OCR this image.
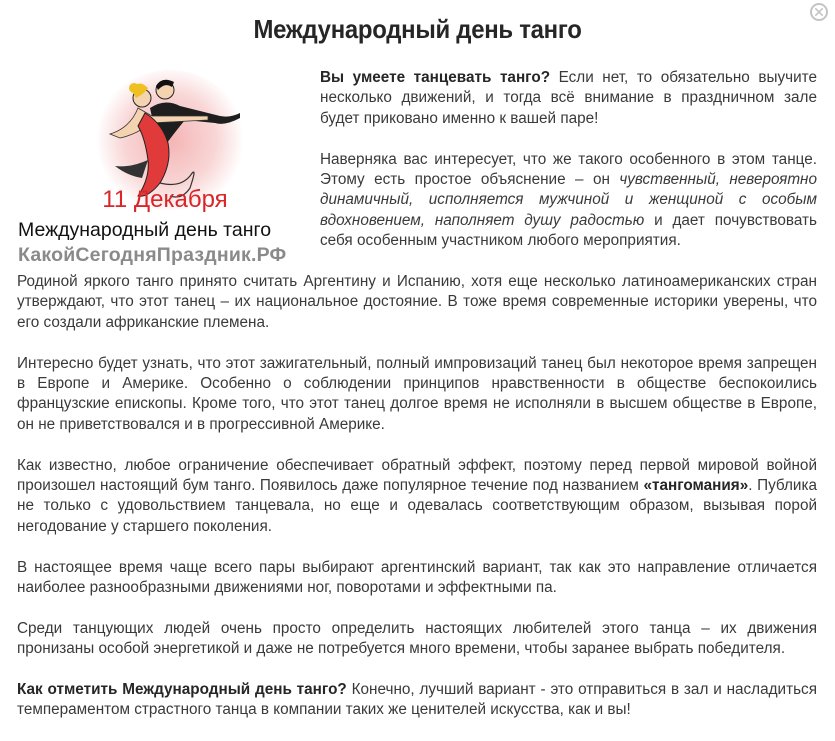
Международный день танго
11 Декабря
Международный день танго
КакойСегодняПраздник.РФ

Вы умеете танцевать танго? Если нет, то обязательно выучите несколько движений, и тогда всё внимание в праздничном зале будет приковано именно к вашей паре!

Наверняка вас интересует, что же такого особенного в этом танце. Этому есть простое объяснение – он чувственный, невероятно динамичный, исполняется мужчиной и женщиной с особым вдохновением, наполняет душу радостью и дает почувствовать себя особенным участником любого мероприятия.

Родиной яркого танго принято считать Аргентину и Испанию, хотя еще несколько латиноамериканских стран утверждают, что этот танец – их национальное достояние. В тоже время современные историки уверены, что его создали африканские племена.

Интересно будет узнать, что этот зажигательный, полный импровизаций танец был некоторое время запрещен в Европе и Америке. Особенно о соблюдении принципов нравственности в обществе беспокоились французские епископы. Кроме того, что этот танец долгое время не исполняли в высшем обществе в Европе, он не приветствовался и в прогрессивной Америке.

Как известно, любое ограничение обеспечивает обратный эффект, поэтому перед первой мировой войной произошел настоящий бум танго. Появилось даже популярное течение под названием «тангомания». Публика не только с удовольствием танцевала, но еще и одевалась соответствующим образом, вызывая порой негодование у старшего поколения.

В настоящее время чаще всего пары выбирают аргентинский вариант, так как это направление отличается наиболее разнообразными движениями ног, поворотами и эффектными па.

Среди танцующих людей очень просто определить настоящих любителей этого танца – их движения пронизаны особой энергетикой и даже не потребуется много времени, чтобы заранее выбрать победителя.

Как отметить Международный день танго? Конечно, лучший вариант - это отправиться в зал и насладиться темпераментом страстного танца в компании таких же ценителей искусства, как и вы!
